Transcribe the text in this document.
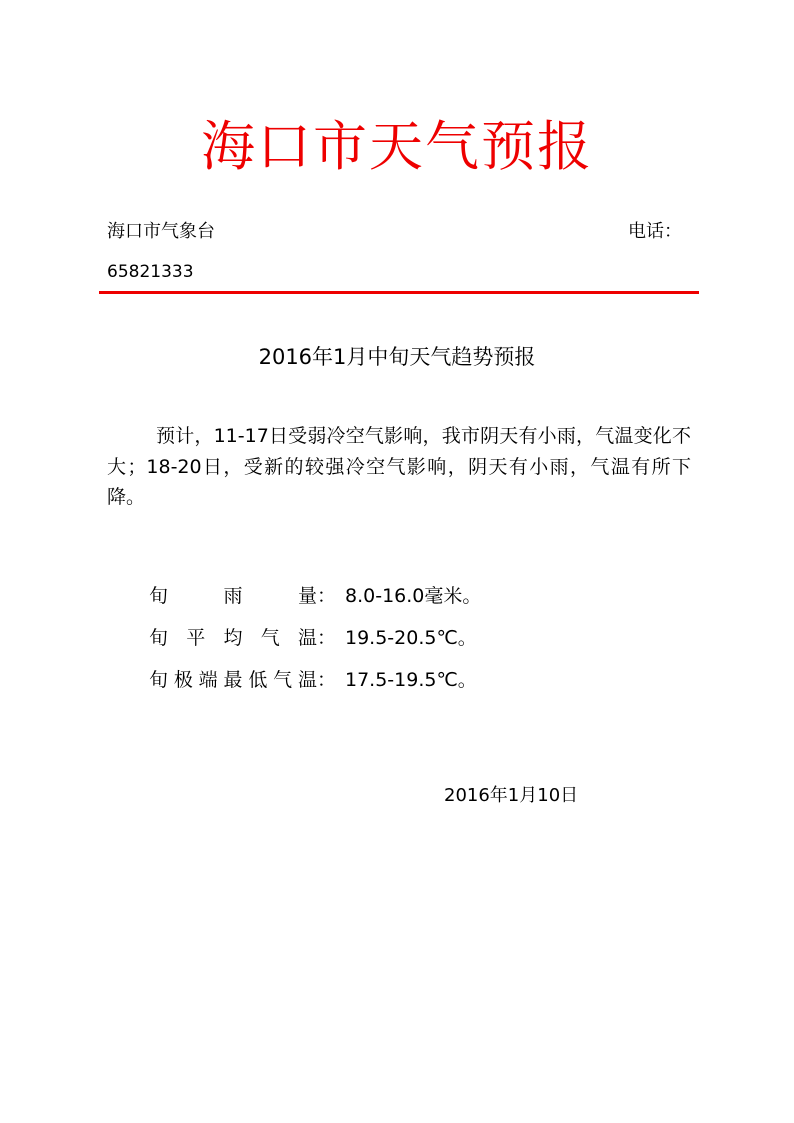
海口市天气预报
海口市气象台	电话：
65821333
2016年1月中旬天气趋势预报
预计，11-17日受弱冷空气影响，我市阴天有小雨，气温变化不大；18-20日，受新的较强冷空气影响，阴天有小雨，气温有所下降。
旬	雨	量 ： 8.0-16.0毫米。
旬 平 均 气 温 ： 19.5-20.5℃。
旬 极 端 最 低 气 温 ： 17.5-19.5℃。
2016年1月10日
